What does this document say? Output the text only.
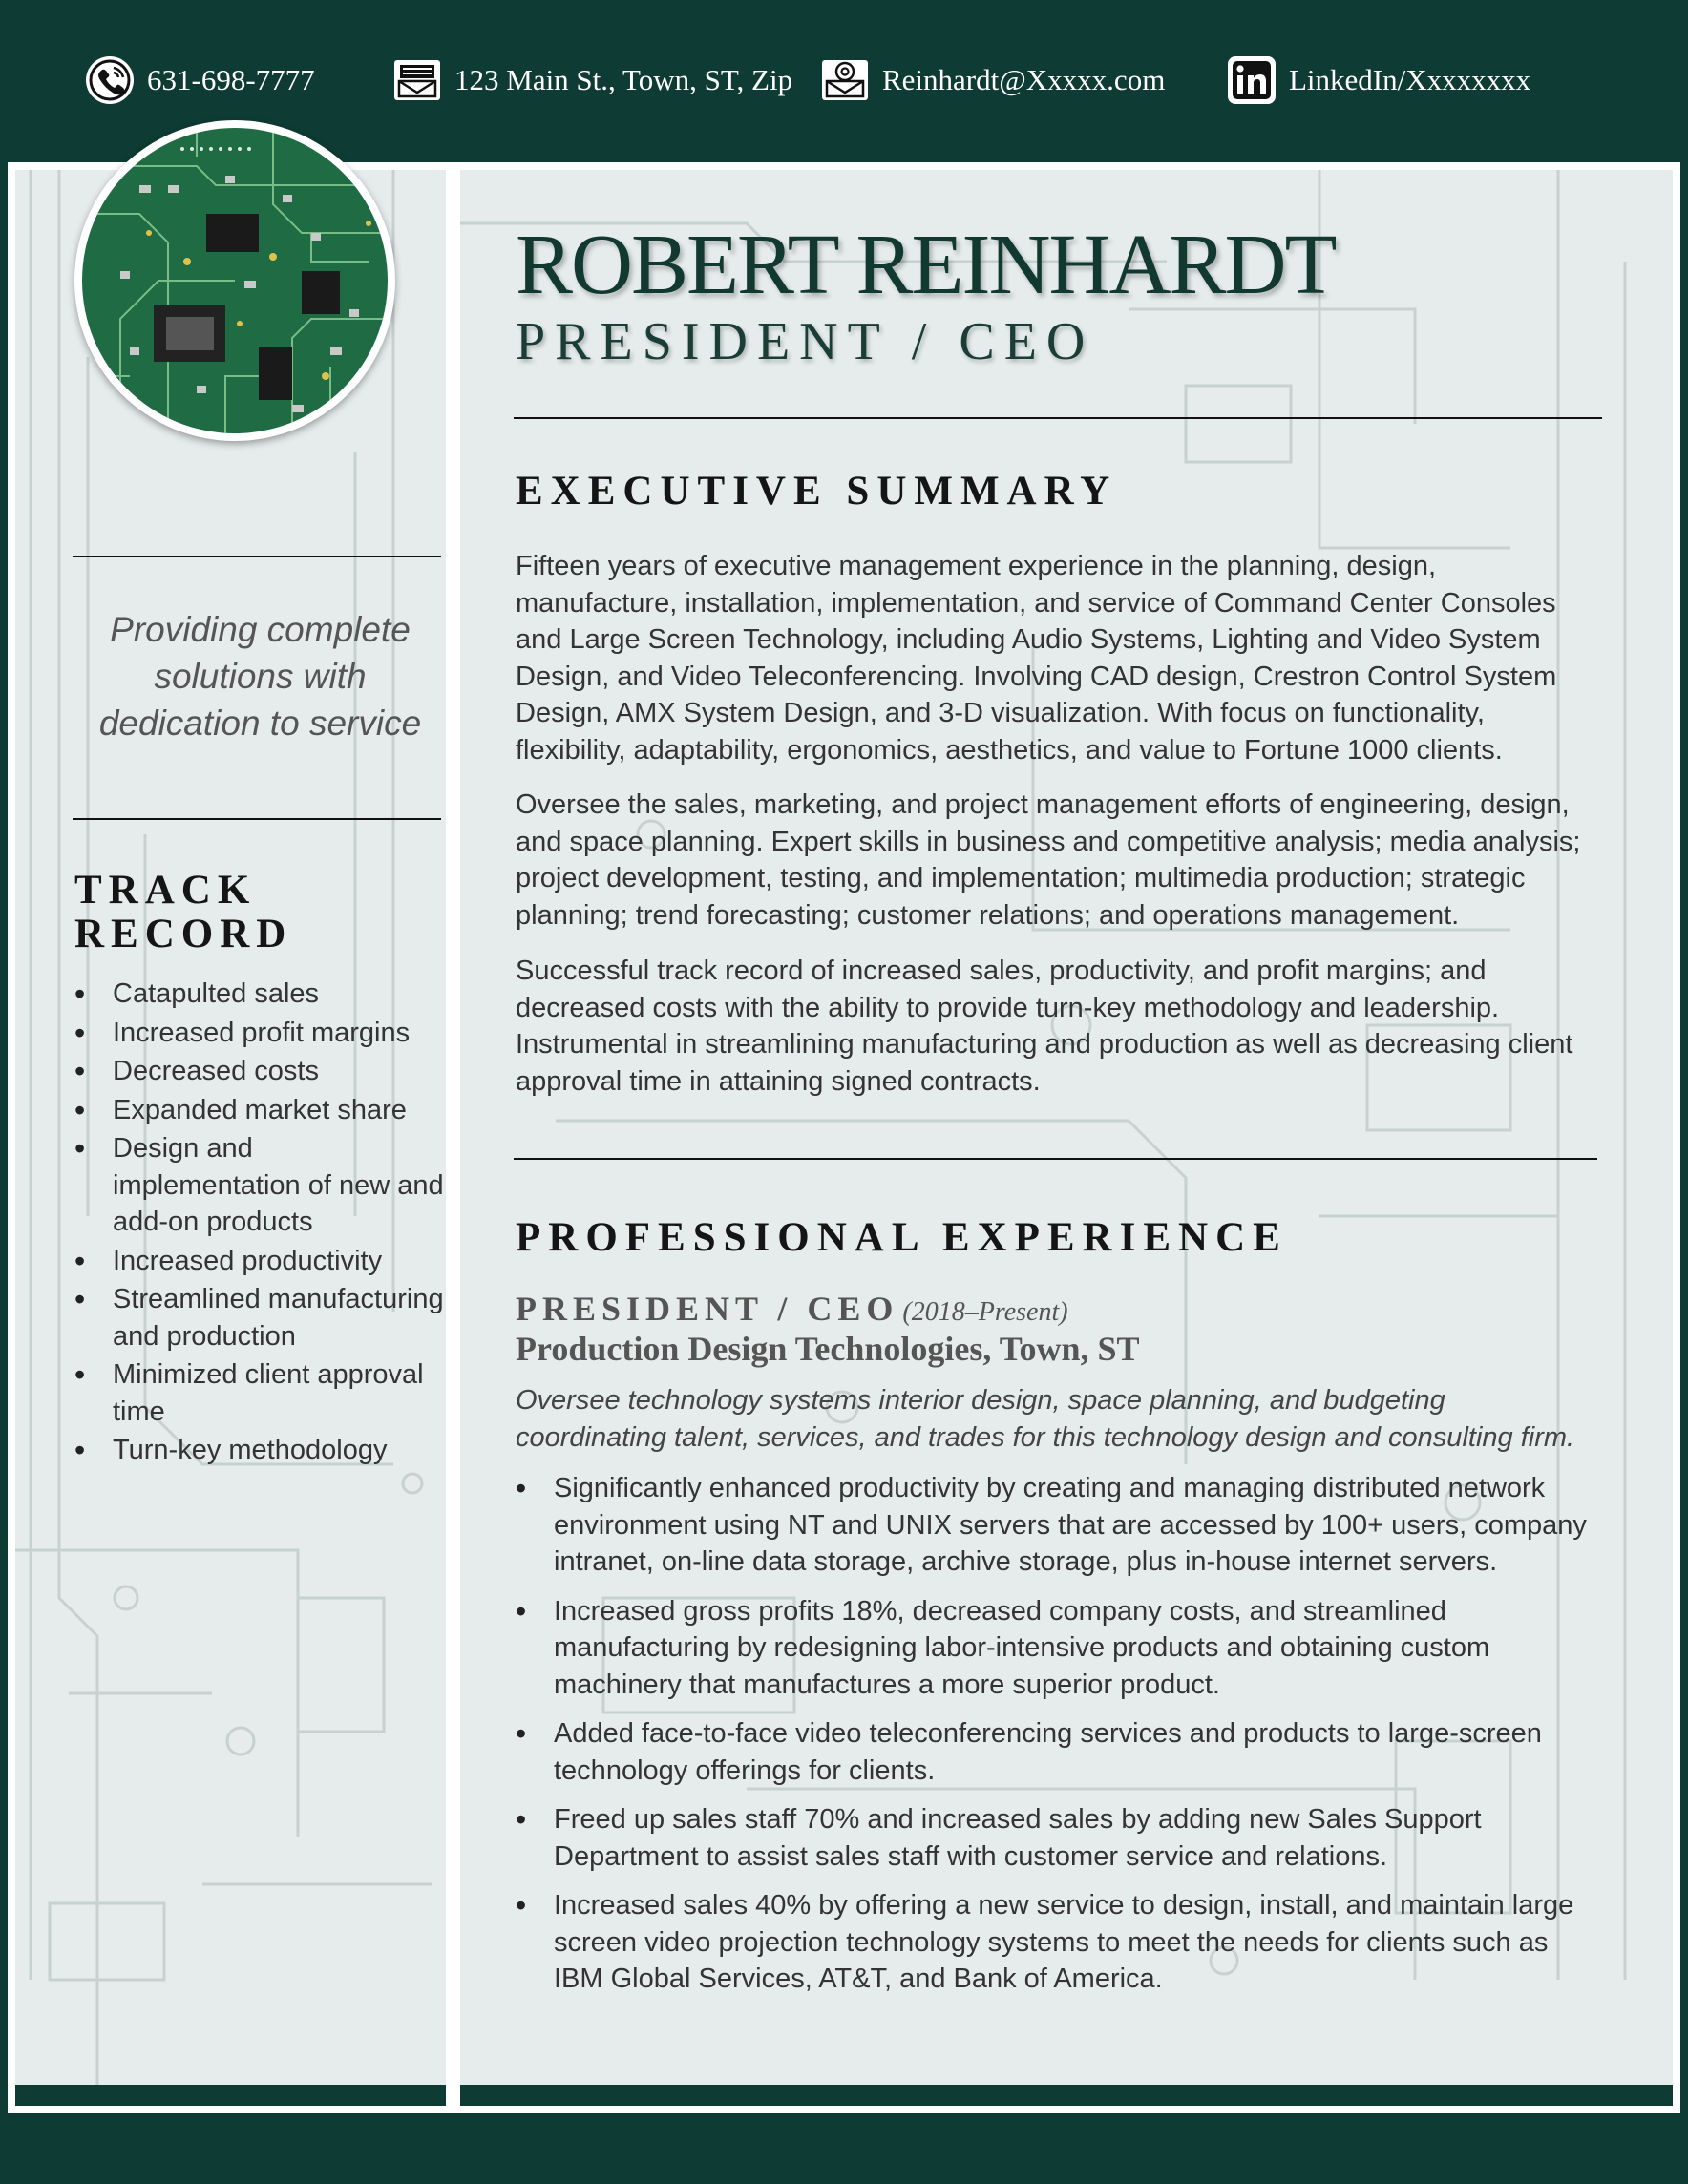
631-698-7777	123 Main St., Town, ST, Zip	Reinhardt@Xxxxx.com	LinkedIn/Xxxxxxxx
Providing complete solutions with dedication to service
TRACK
RECORD
• Catapulted sales
• Increased profit margins
• Decreased costs
• Expanded market share
• Design and implementation of new and add-on products
• Increased productivity
• Streamlined manufacturing and production
• Minimized client approval time
• Turn-key methodology
ROBERT REINHARDT
PRESIDENT / CEO
EXECUTIVE SUMMARY

Fifteen years of executive management experience in the planning, design, manufacture, installation, implementation, and service of Command Center Consoles and Large Screen Technology, including Audio Systems, Lighting and Video System Design, and Video Teleconferencing. Involving CAD design, Crestron Control System Design, AMX System Design, and 3-D visualization. With focus on functionality, flexibility, adaptability, ergonomics, aesthetics, and value to Fortune 1000 clients.

Oversee the sales, marketing, and project management efforts of engineering, design, and space planning. Expert skills in business and competitive analysis; media analysis; project development, testing, and implementation; multimedia production; strategic planning; trend forecasting; customer relations; and operations management.

Successful track record of increased sales, productivity, and profit margins; and decreased costs with the ability to provide turn-key methodology and leadership. Instrumental in streamlining manufacturing and production as well as decreasing client approval time in attaining signed contracts.

PROFESSIONAL EXPERIENCE
PRESIDENT / CEO (2018–Present)
Production Design Technologies, Town, ST
Oversee technology systems interior design, space planning, and budgeting coordinating talent, services, and trades for this technology design and consulting firm.
• Significantly enhanced productivity by creating and managing distributed network environment using NT and UNIX servers that are accessed by 100+ users, company intranet, on-line data storage, archive storage, plus in-house internet servers.
• Increased gross profits 18%, decreased company costs, and streamlined manufacturing by redesigning labor-intensive products and obtaining custom machinery that manufactures a more superior product.
• Added face-to-face video teleconferencing services and products to large-screen technology offerings for clients.
• Freed up sales staff 70% and increased sales by adding new Sales Support Department to assist sales staff with customer service and relations.
• Increased sales 40% by offering a new service to design, install, and maintain large screen video projection technology systems to meet the needs for clients such as IBM Global Services, AT&T, and Bank of America.
